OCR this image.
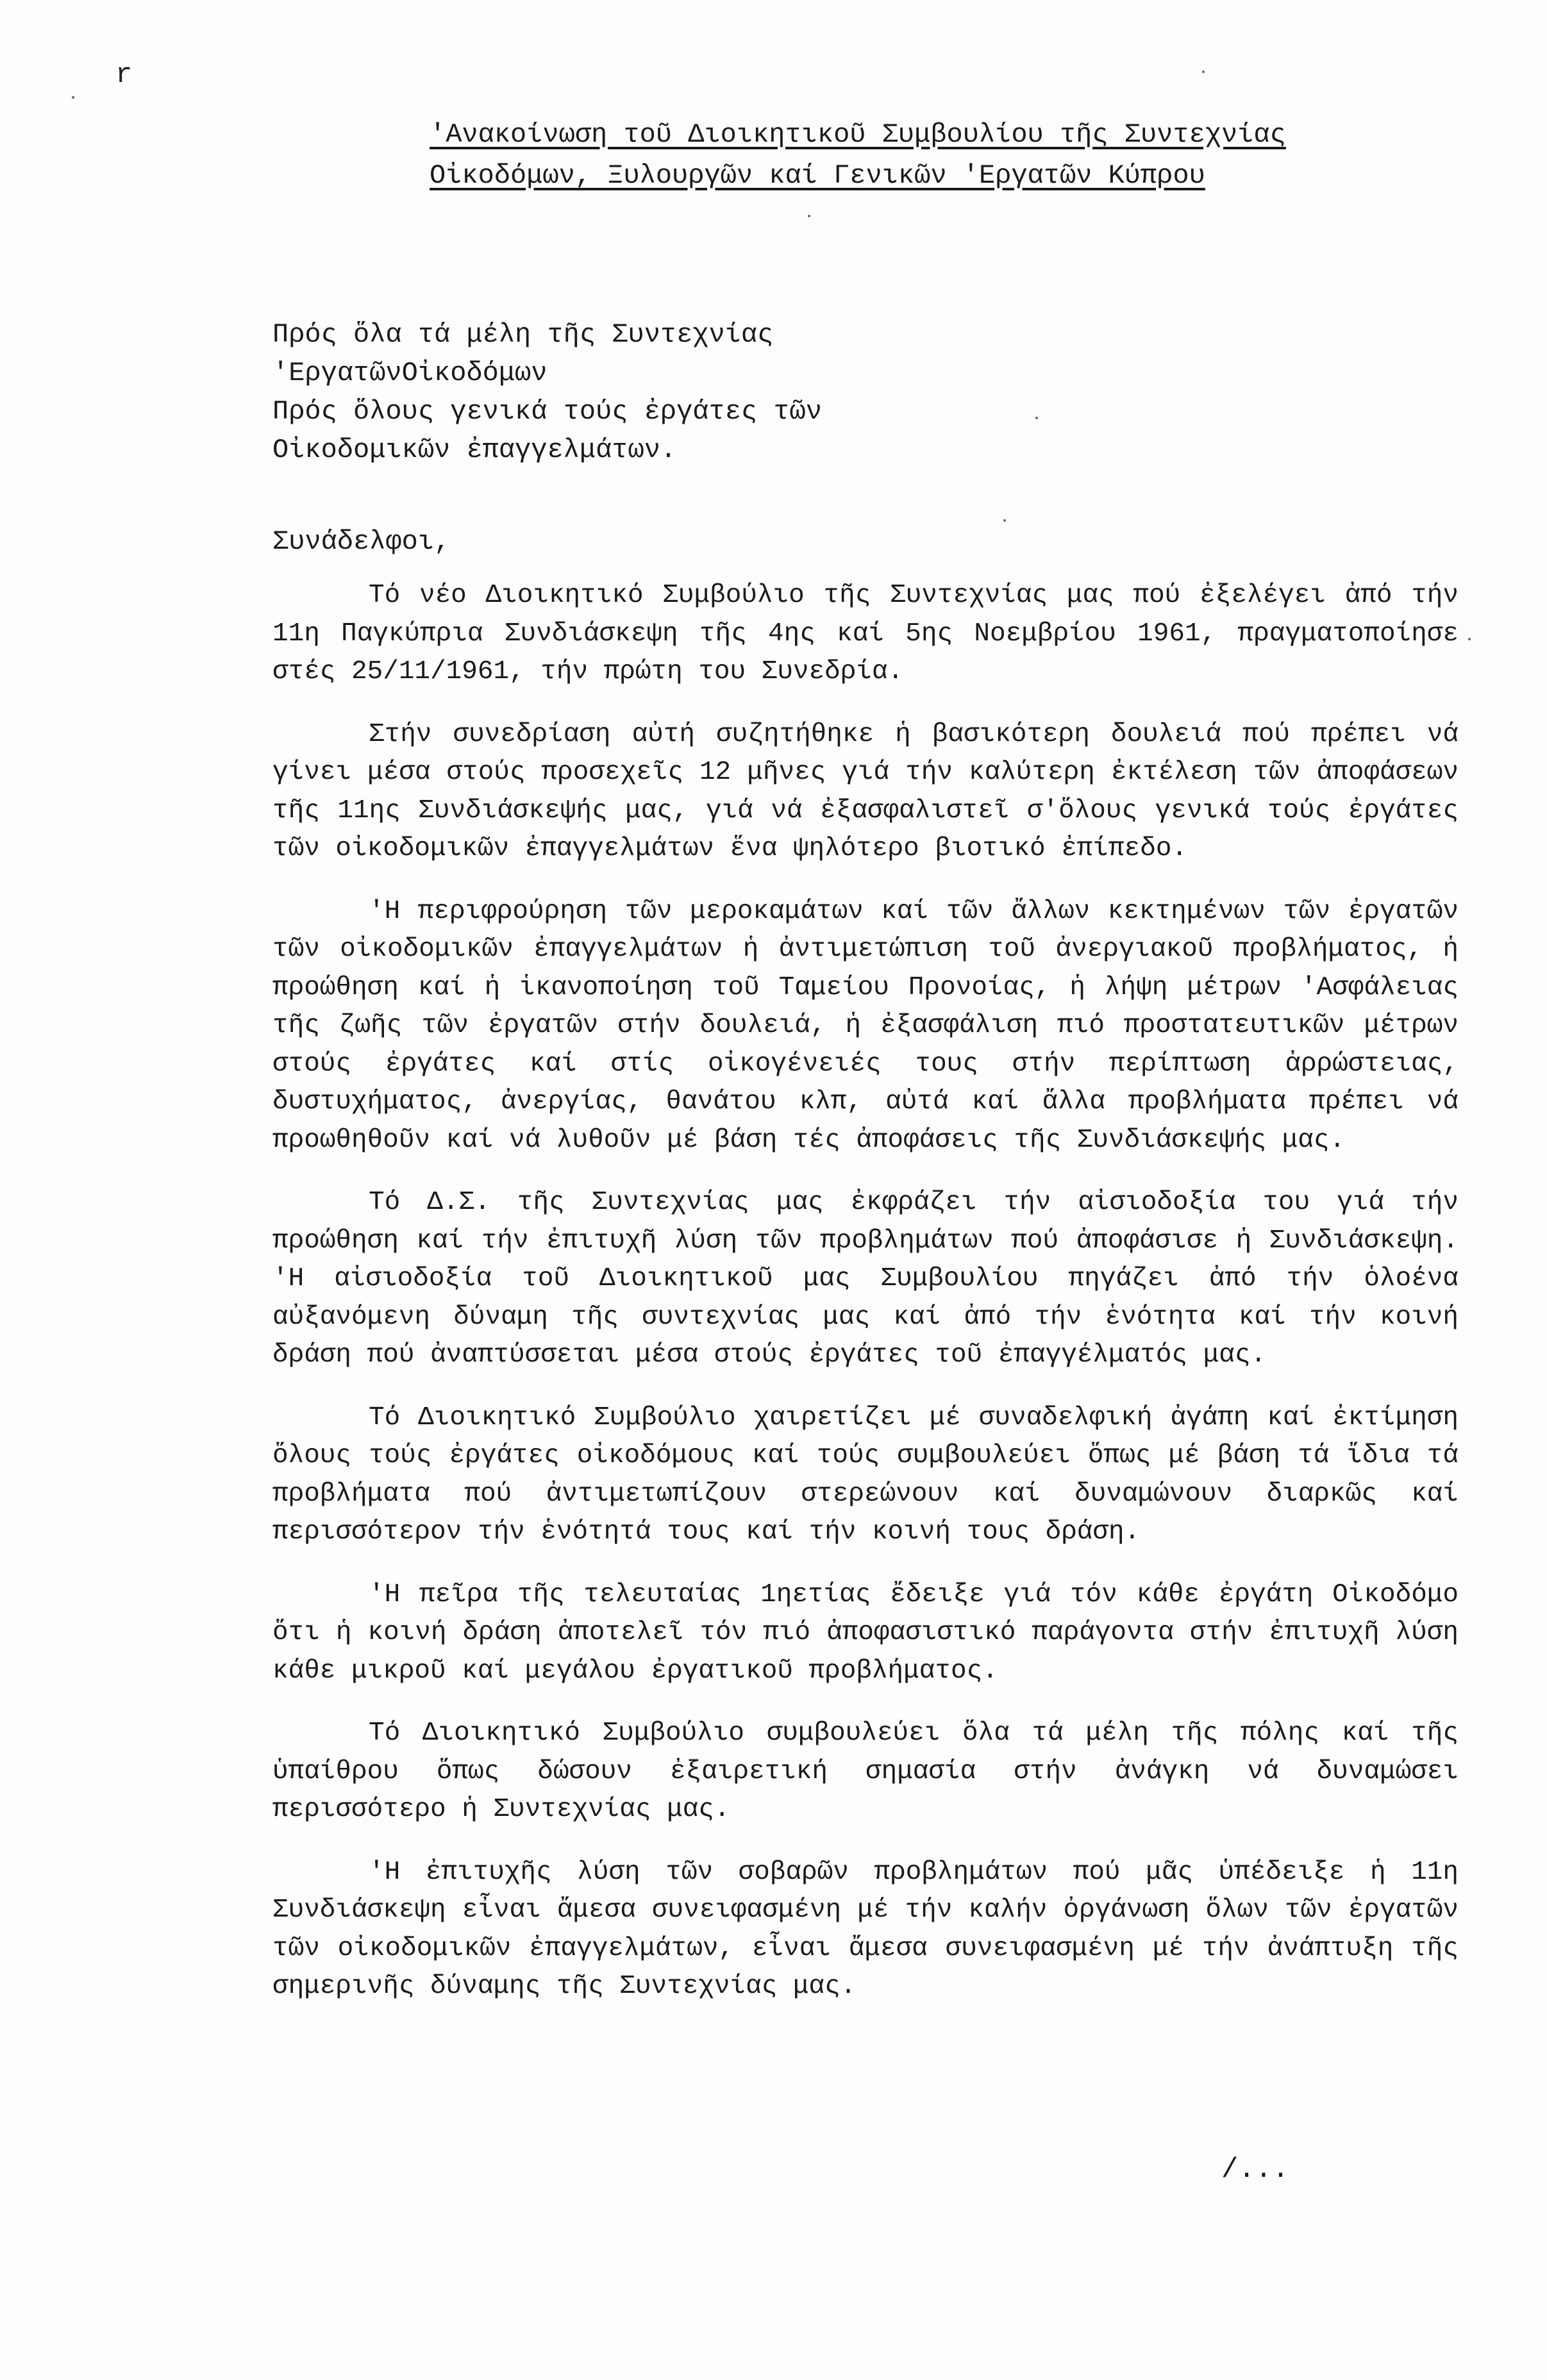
r
'Ανακοίνωση τοῦ Διοικητικοῦ Συμβουλίου τῆς Συντεχνίας
Οἰκοδόμων, Ξυλουργῶν καί Γενικῶν 'Εργατῶν Κύπρου
Πρός ὅλα τά μέλη τῆς Συντεχνίας
'ΕργατῶνΟἰκοδόμων
Πρός ὅλους γενικά τούς ἐργάτες τῶν
Οἰκοδομικῶν ἐπαγγελμάτων.
Συνάδελφοι,

Τό νέο Διοικητικό Συμβούλιο τῆς Συντεχνίας μας πού ἐξελέγει ἀπό τήν 11η Παγκύπρια Συνδιάσκεψη τῆς 4ης καί 5ης Νοεμβρίου 1961, πραγματοποίησε στές 25/11/1961, τήν πρώτη του Συνεδρία.

Στήν συνεδρίαση αὐτή συζητήθηκε ἡ βασικότερη δουλειά πού πρέπει νά γίνει μέσα στούς προσεχεῖς 12 μῆνες γιά τήν καλύτερη ἐκτέλεση τῶν ἀποφάσεων τῆς 11ης Συνδιάσκεψής μας, γιά νά ἐξασφαλιστεῖ σ'ὅλους γενικά τούς ἐργάτες τῶν οἰκοδομικῶν ἐπαγγελμάτων ἕνα ψηλότερο βιοτικό ἐπίπεδο.

'Η περιφρούρηση τῶν μεροκαμάτων καί τῶν ἄλλων κεκτημένων τῶν ἐργατῶν τῶν οἰκοδομικῶν ἐπαγγελμάτων ἡ ἀντιμετώπιση τοῦ ἀνεργιακοῦ προβλήματος, ἡ προώθηση καί ἡ ἱκανοποίηση τοῦ Ταμείου Προνοίας, ἡ λήψη μέτρων 'Ασφάλειας τῆς ζωῆς τῶν ἐργατῶν στήν δουλειά, ἡ ἐξασφάλιση πιό προστατευτικῶν μέτρων στούς ἐργάτες καί στίς οἰκογένειές τους στήν περίπτωση ἀρρώστειας, δυστυχήματος, ἀνεργίας, θανάτου κλπ, αὐτά καί ἄλλα προβλήματα πρέπει νά προωθηθοῦν καί νά λυθοῦν μέ βάση τές ἀποφάσεις τῆς Συνδιάσκεψής μας.

Τό Δ.Σ. τῆς Συντεχνίας μας ἐκφράζει τήν αἰσιοδοξία του γιά τήν προώθηση καί τήν ἐπιτυχῆ λύση τῶν προβλημάτων πού ἀποφάσισε ἡ Συνδιάσκεψη. 'Η αἰσιοδοξία τοῦ Διοικητικοῦ μας Συμβουλίου πηγάζει ἀπό τήν ὁλοένα αὐξανόμενη δύναμη τῆς συντεχνίας μας καί ἀπό τήν ἑνότητα καί τήν κοινή δράση πού ἀναπτύσσεται μέσα στούς ἐργάτες τοῦ ἐπαγγέλματός μας.

Τό Διοικητικό Συμβούλιο χαιρετίζει μέ συναδελφική ἀγάπη καί ἐκτίμηση ὅλους τούς ἐργάτες οἰκοδόμους καί τούς συμβουλεύει ὅπως μέ βάση τά ἴδια τά προβλήματα πού ἀντιμετωπίζουν στερεώνουν καί δυναμώνουν διαρκῶς καί περισσότερον τήν ἑνότητά τους καί τήν κοινή τους δράση.

'Η πεῖρα τῆς τελευταίας 1ηετίας ἔδειξε γιά τόν κάθε ἐργάτη Οἰκοδόμο ὅτι ἡ κοινή δράση ἀποτελεῖ τόν πιό ἀποφασιστικό παράγοντα στήν ἐπιτυχῆ λύση κάθε μικροῦ καί μεγάλου ἐργατικοῦ προβλήματος.

Τό Διοικητικό Συμβούλιο συμβουλεύει ὅλα τά μέλη τῆς πόλης καί τῆς ὑπαίθρου ὅπως δώσουν ἐξαιρετική σημασία στήν ἀνάγκη νά δυναμώσει περισσότερο ἡ Συντεχνίας μας.

'Η ἐπιτυχῆς λύση τῶν σοβαρῶν προβλημάτων πού μᾶς ὑπέδειξε ἡ 11η Συνδιάσκεψη εἶναι ἄμεσα συνειφασμένη μέ τήν καλήν ὀργάνωση ὅλων τῶν ἐργατῶν τῶν οἰκοδομικῶν ἐπαγγελμάτων, εἶναι ἄμεσα συνειφασμένη μέ τήν ἀνάπτυξη τῆς σημερινῆς δύναμης τῆς Συντεχνίας μας.

/...
